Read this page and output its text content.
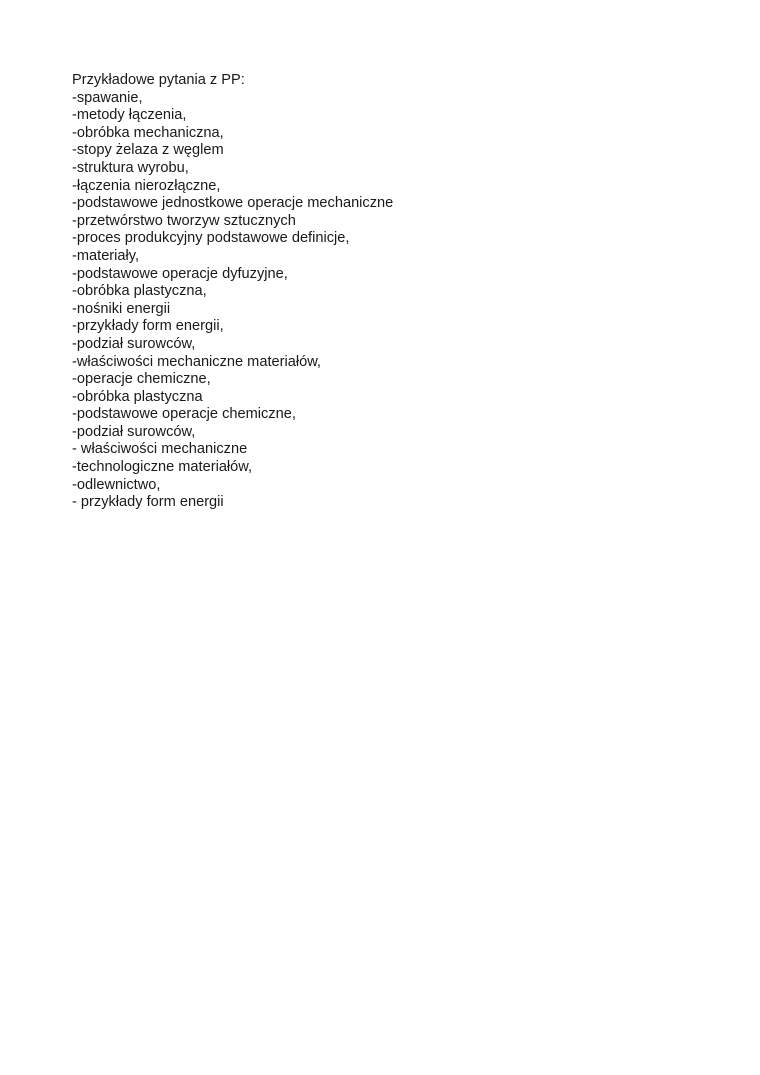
Przykładowe pytania z PP:
-spawanie,
-metody łączenia,
-obróbka mechaniczna,
-stopy żelaza z węglem
-struktura wyrobu,
-łączenia nierozłączne,
-podstawowe jednostkowe operacje mechaniczne
-przetwórstwo tworzyw sztucznych
-proces produkcyjny podstawowe definicje,
-materiały,
-podstawowe operacje dyfuzyjne,
-obróbka plastyczna,
-nośniki energii
-przykłady form energii,
-podział surowców,
-właściwości mechaniczne materiałów,
-operacje chemiczne,
-obróbka plastyczna
-podstawowe operacje chemiczne,
-podział surowców,
- właściwości mechaniczne
-technologiczne materiałów,
-odlewnictwo,
- przykłady form energii
